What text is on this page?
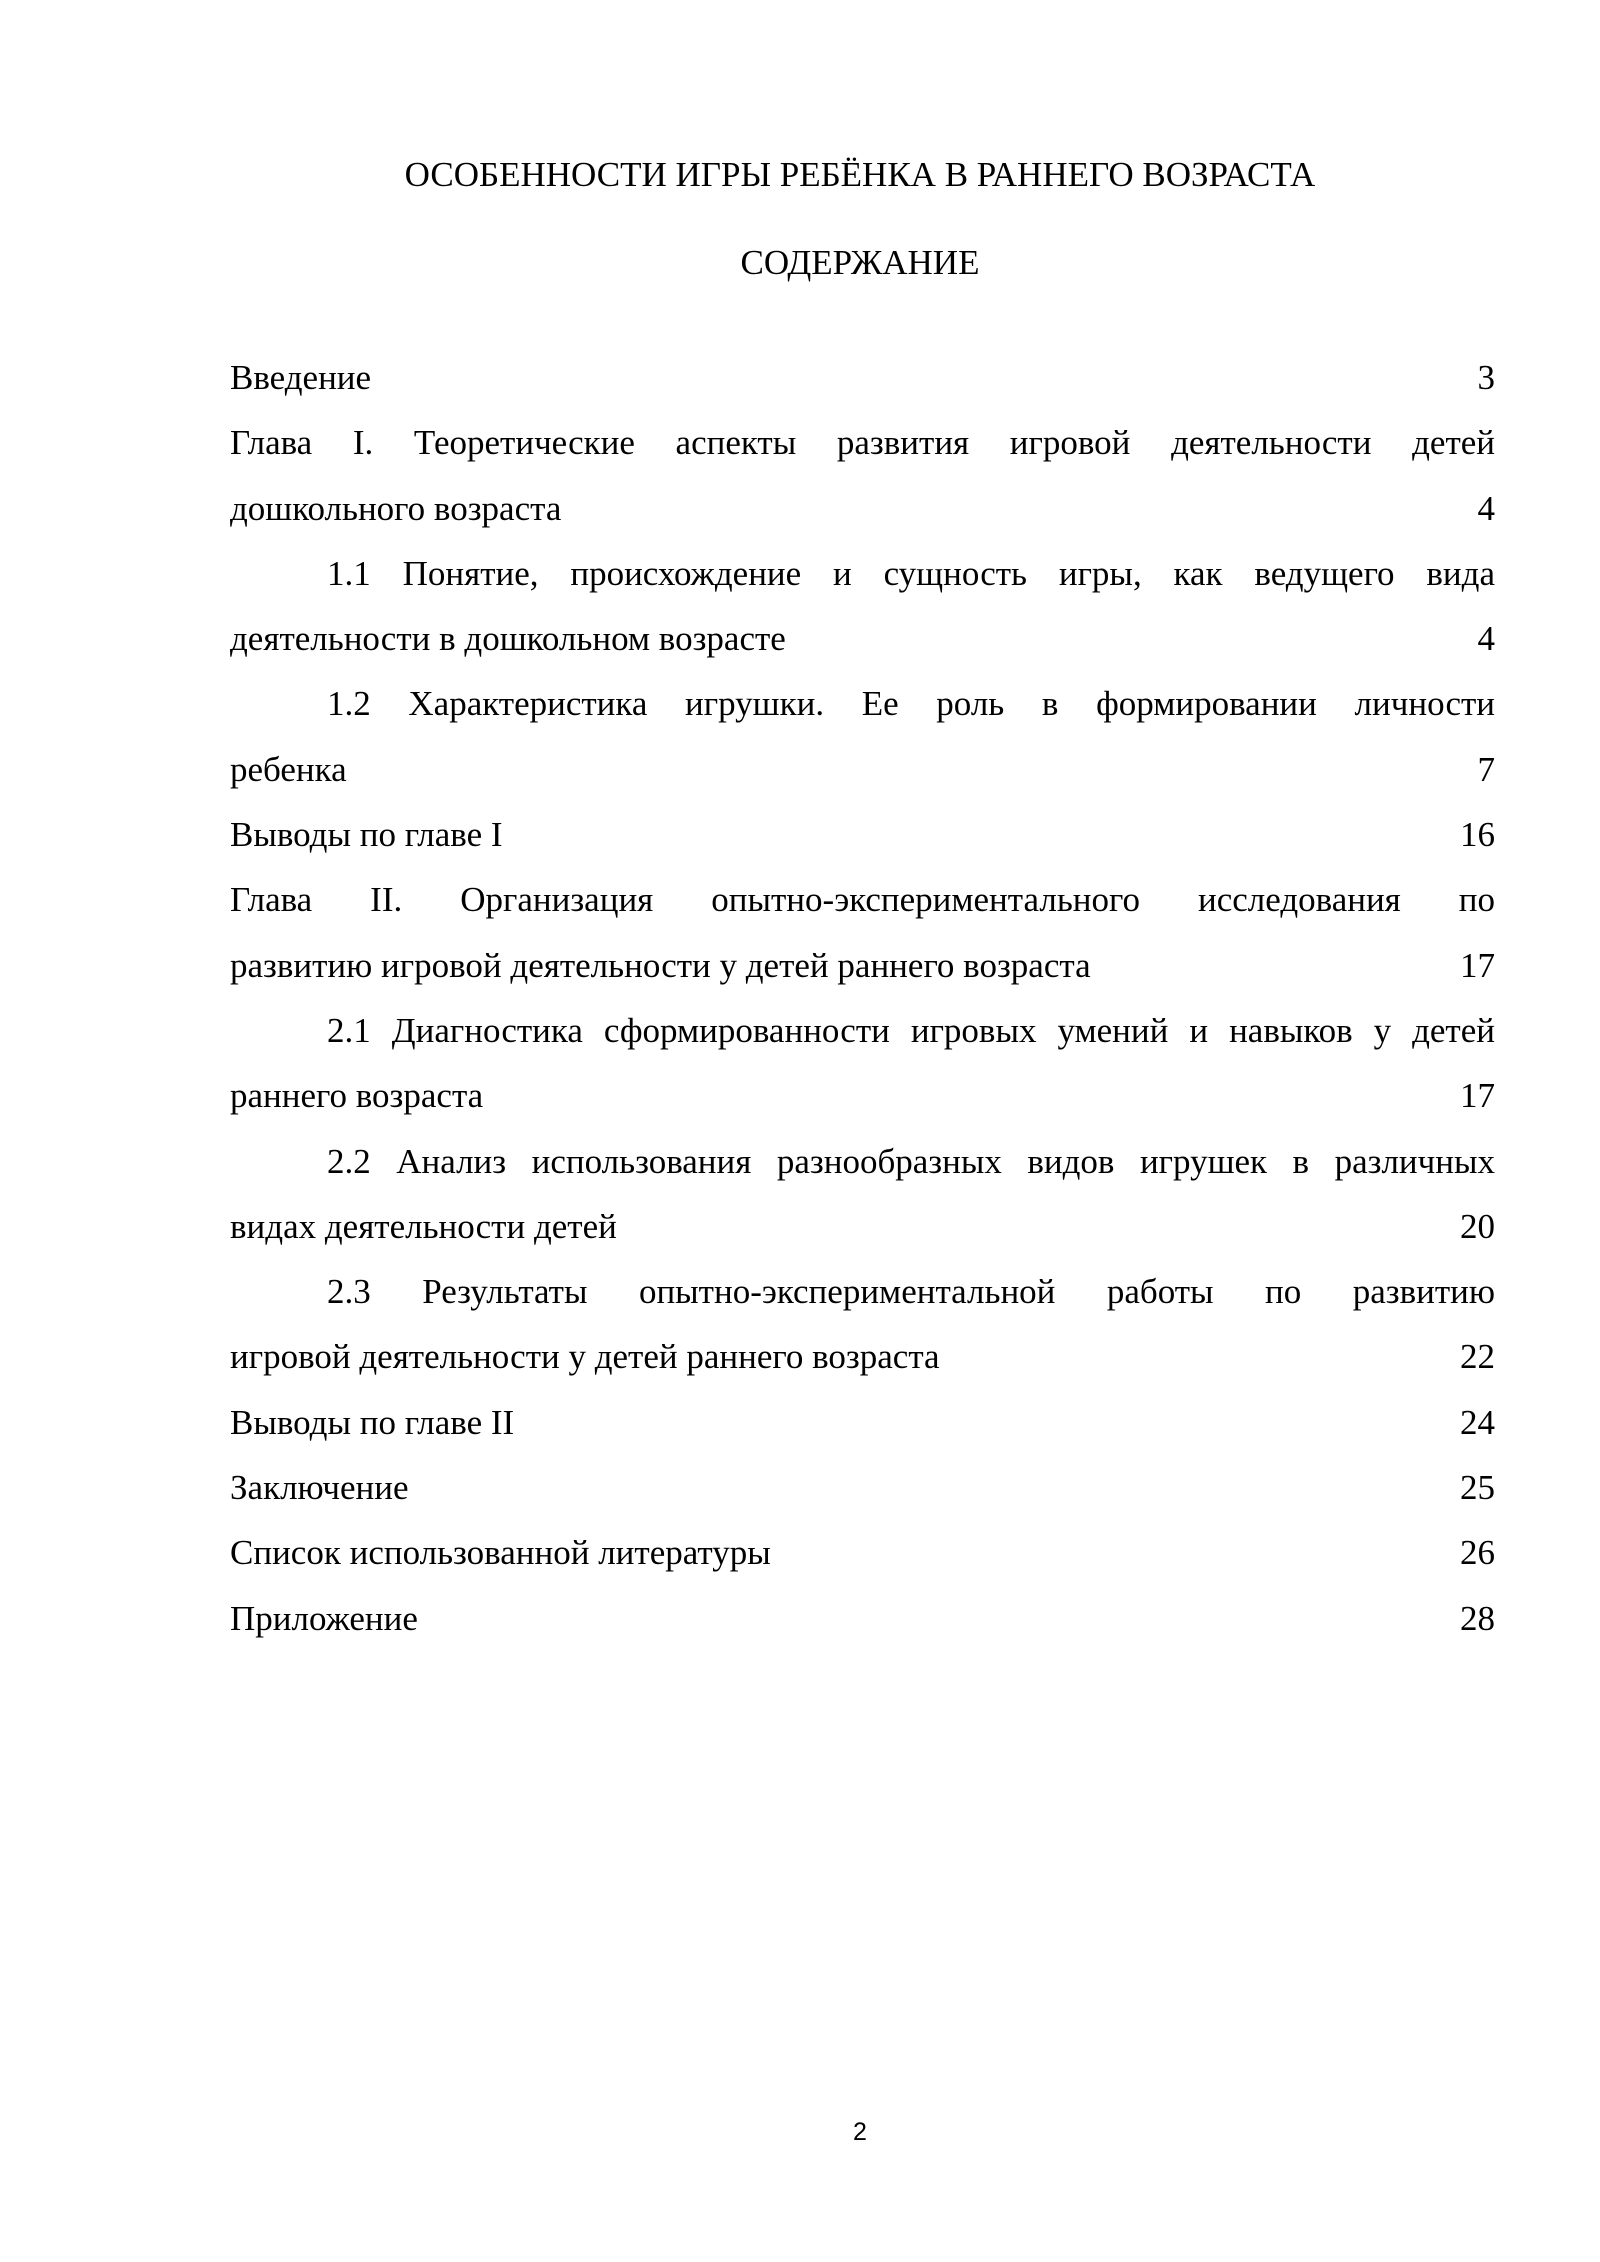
ОСОБЕННОСТИ ИГРЫ РЕБЁНКА В РАННЕГО ВОЗРАСТА
СОДЕРЖАНИЕ
Введение	3
Глава I. Теоретические аспекты развития игровой деятельности детей
дошкольного возраста	4
1.1 Понятие, происхождение и сущность игры, как ведущего вида
деятельности в дошкольном возрасте	4
1.2 Характеристика игрушки. Ее роль в формировании личности
ребенка	7
Выводы по главе I	16
Глава II. Организация опытно-экспериментального исследования по
развитию игровой деятельности у детей раннего возраста	17
2.1 Диагностика сформированности игровых умений и навыков у детей
раннего возраста	17
2.2 Анализ использования разнообразных видов игрушек в различных
видах деятельности детей	20
2.3 Результаты опытно-экспериментальной работы по развитию
игровой деятельности у детей раннего возраста	22
Выводы по главе II	24
Заключение	25
Список использованной литературы	26
Приложение	28
2
